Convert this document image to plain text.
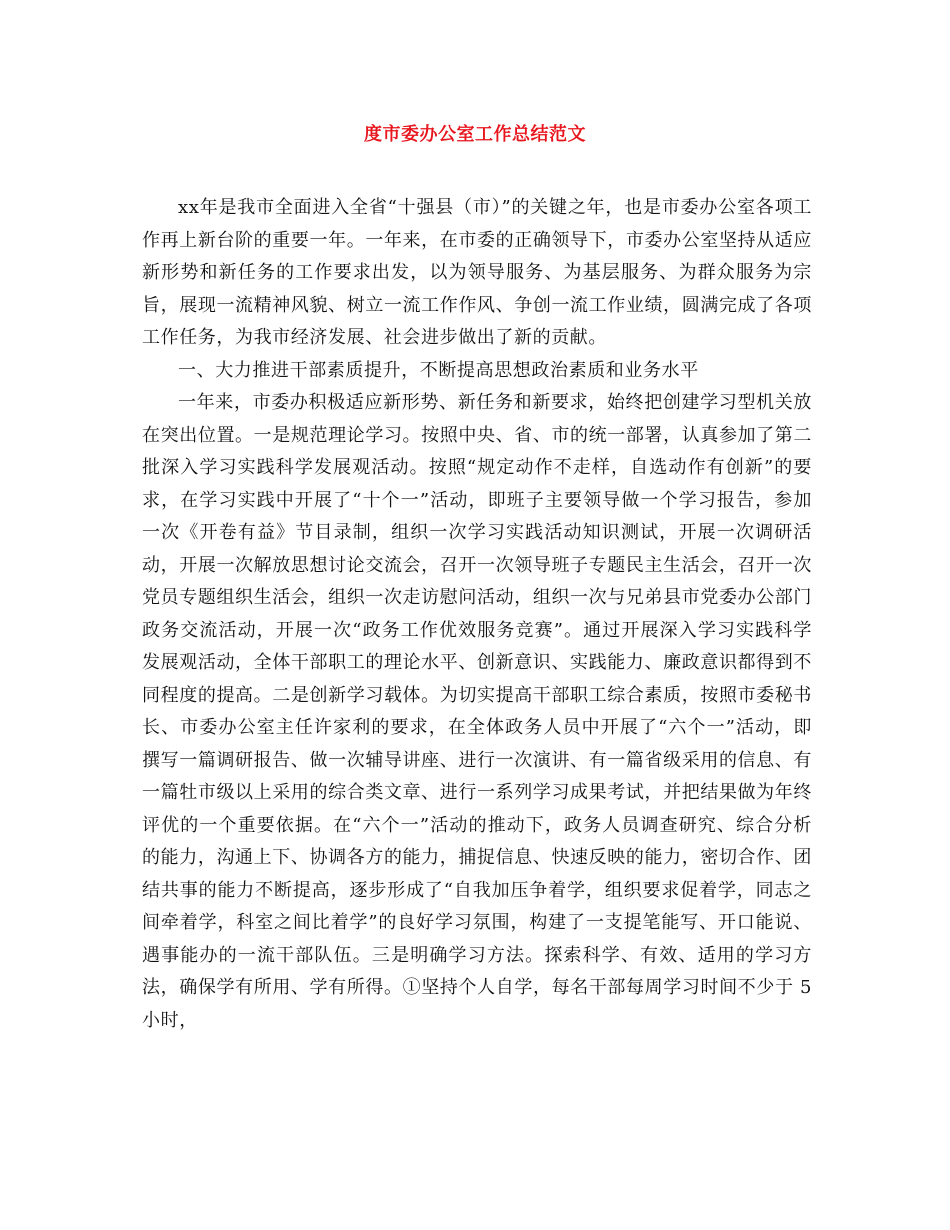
度市委办公室工作总结范文

xx年是我市全面进入全省“十强县（市）”的关键之年，也是市委办公室各项工作再上新台阶的重要一年。一年来，在市委的正确领导下，市委办公室坚持从适应新形势和新任务的工作要求出发，以为领导服务、为基层服务、为群众服务为宗旨，展现一流精神风貌、树立一流工作作风、争创一流工作业绩，圆满完成了各项工作任务，为我市经济发展、社会进步做出了新的贡献。

一、大力推进干部素质提升，不断提高思想政治素质和业务水平

一年来，市委办积极适应新形势、新任务和新要求，始终把创建学习型机关放在突出位置。一是规范理论学习。按照中央、省、市的统一部署，认真参加了第二批深入学习实践科学发展观活动。按照“规定动作不走样，自选动作有创新”的要求，在学习实践中开展了“十个一”活动，即班子主要领导做一个学习报告，参加一次《开卷有益》节目录制，组织一次学习实践活动知识测试，开展一次调研活动，开展一次解放思想讨论交流会，召开一次领导班子专题民主生活会，召开一次党员专题组织生活会，组织一次走访慰问活动，组织一次与兄弟县市党委办公部门政务交流活动，开展一次“政务工作优效服务竞赛”。通过开展深入学习实践科学发展观活动，全体干部职工的理论水平、创新意识、实践能力、廉政意识都得到不同程度的提高。二是创新学习载体。为切实提高干部职工综合素质，按照市委秘书长、市委办公室主任许家利的要求，在全体政务人员中开展了“六个一”活动，即撰写一篇调研报告、做一次辅导讲座、进行一次演讲、有一篇省级采用的信息、有一篇牡市级以上采用的综合类文章、进行一系列学习成果考试，并把结果做为年终评优的一个重要依据。在“六个一”活动的推动下，政务人员调查研究、综合分析的能力，沟通上下、协调各方的能力，捕捉信息、快速反映的能力，密切合作、团结共事的能力不断提高，逐步形成了“自我加压争着学，组织要求促着学，同志之间牵着学，科室之间比着学”的良好学习氛围，构建了一支提笔能写、开口能说、遇事能办的一流干部队伍。三是明确学习方法。探索科学、有效、适用的学习方法，确保学有所用、学有所得。①坚持个人自学，每名干部每周学习时间不少于 5 小时，
